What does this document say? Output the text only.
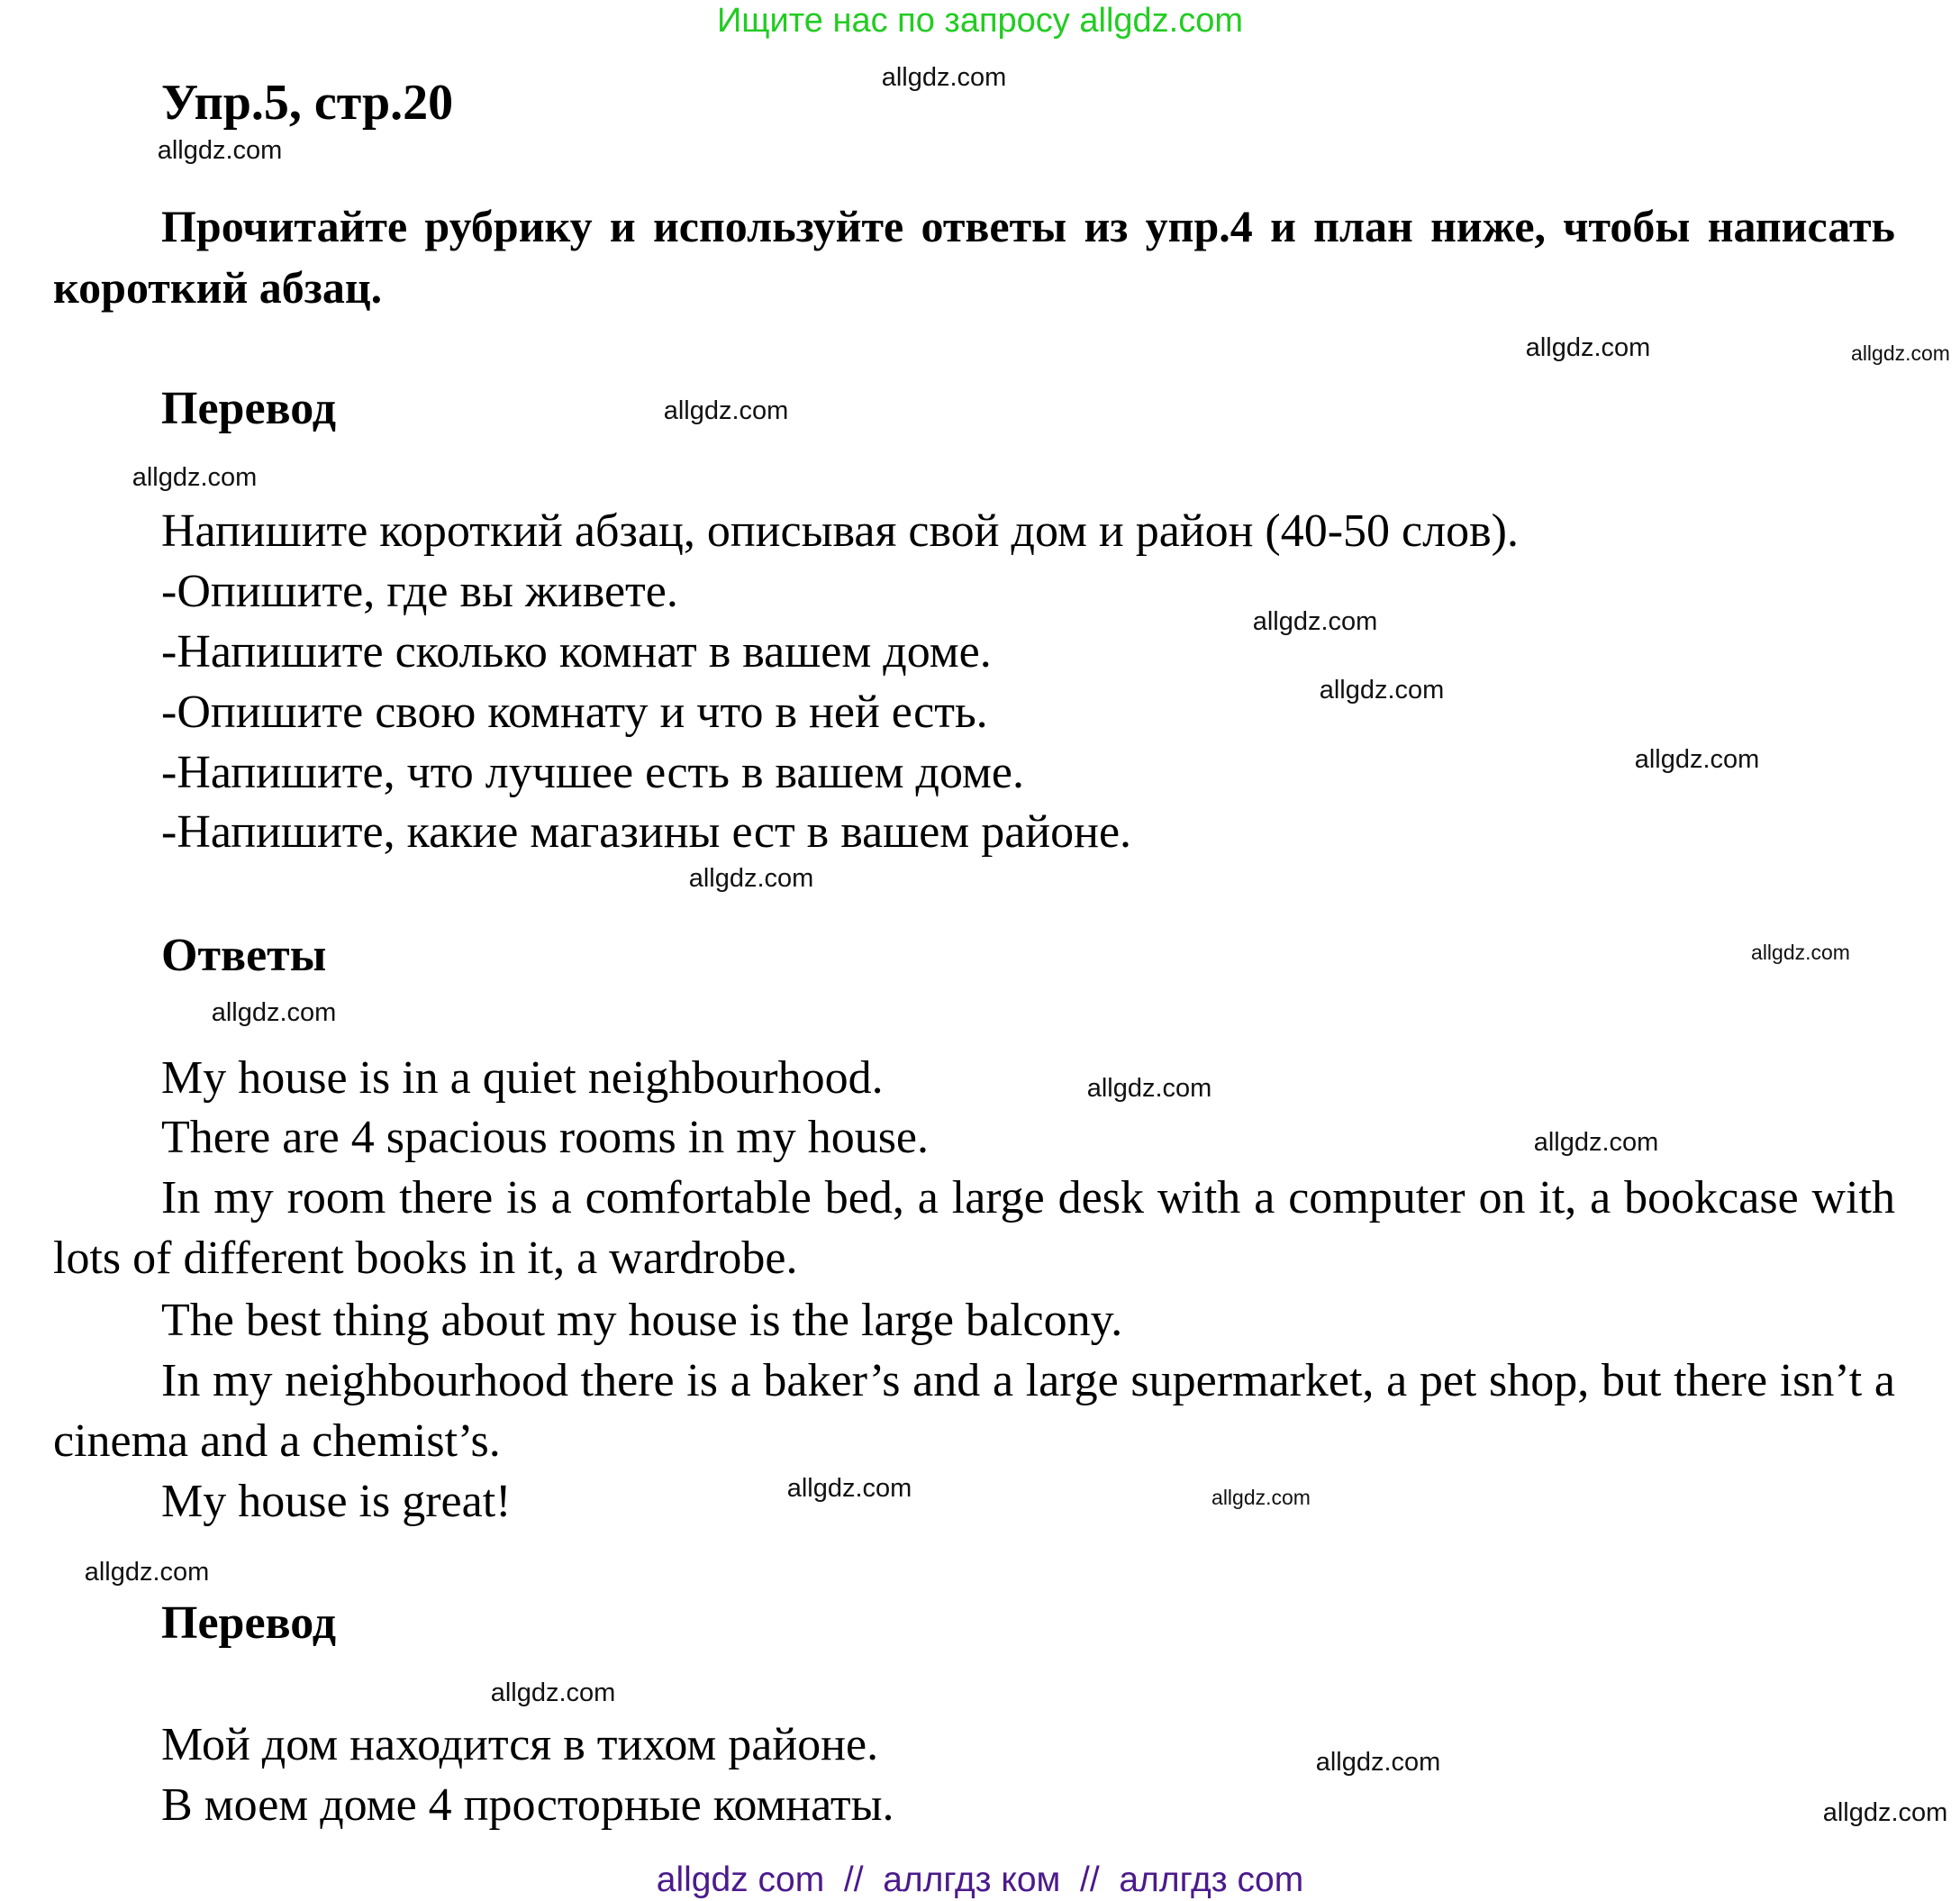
Ищите нас по запросу allgdz.com
Упр.5, стр.20
Прочитайте рубрику и используйте ответы из упр.4 и план ниже, чтобы написать короткий абзац.
Перевод
Напишите короткий абзац, описывая свой дом и район (40-50 слов).
-Опишите, где вы живете.
-Напишите сколько комнат в вашем доме.
-Опишите свою комнату и что в ней есть.
-Напишите, что лучшее есть в вашем доме.
-Напишите, какие магазины ест в вашем районе.
Ответы
My house is in a quiet neighbourhood.
There are 4 spacious rooms in my house.
In my room there is a comfortable bed, a large desk with a computer on it, a bookcase with lots of different books in it, a wardrobe.
The best thing about my house is the large balcony.
In my neighbourhood there is a baker’s and a large supermarket, a pet shop, but there isn’t a cinema and a chemist’s.
My house is great!
Перевод
Мой дом находится в тихом районе.
В моем доме 4 просторные комнаты.
allgdz.com
allgdz.com
allgdz.com
allgdz.com
allgdz.com
allgdz.com
allgdz.com
allgdz.com
allgdz.com
allgdz.com
allgdz.com
allgdz.com
allgdz.com
allgdz.com
allgdz.com
allgdz.com
allgdz.com
allgdz.com
allgdz.com
allgdz.com
allgdz com  //  аллгдз ком  //  аллгдз com
